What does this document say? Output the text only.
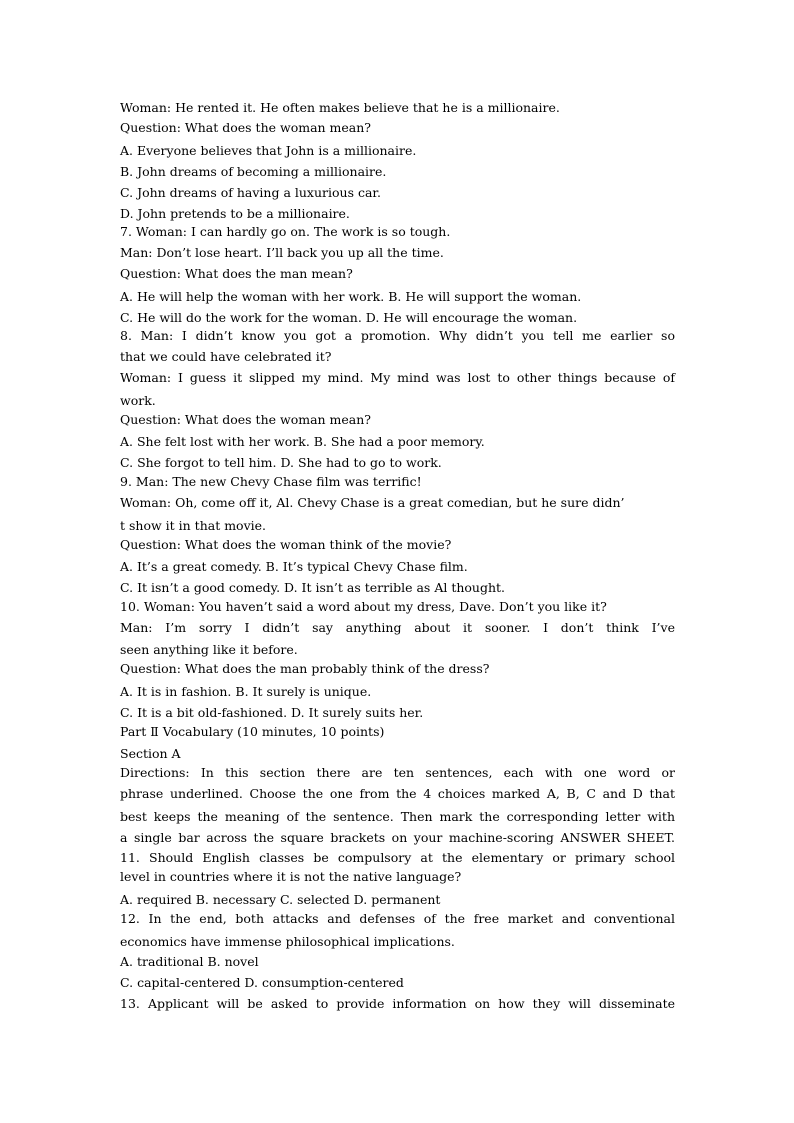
Woman: He rented it. He often makes believe that he is a millionaire.
Question: What does the woman mean?
A. Everyone believes that John is a millionaire.
B. John dreams of becoming a millionaire.
C. John dreams of having a luxurious car.
D. John pretends to be a millionaire.
7. Woman: I can hardly go on. The work is so tough.
Man: Don’t lose heart. I’ll back you up all the time.
Question: What does the man mean?
A. He will help the woman with her work. B. He will support the woman.
C. He will do the work for the woman. D. He will encourage the woman.
8. Man: I didn’t know you got a promotion. Why didn’t you tell me earlier so
that we could have celebrated it?
Woman: I guess it slipped my mind. My mind was lost to other things because of
work.
Question: What does the woman mean?
A. She felt lost with her work. B. She had a poor memory.
C. She forgot to tell him. D. She had to go to work.
9. Man: The new Chevy Chase film was terrific!
Woman: Oh, come off it, Al. Chevy Chase is a great comedian, but he sure didn’
t show it in that movie.
Question: What does the woman think of the movie?
A. It’s a great comedy. B. It’s typical Chevy Chase film.
C. It isn’t a good comedy. D. It isn’t as terrible as Al thought.
10. Woman: You haven’t said a word about my dress, Dave. Don’t you like it?
Man: I’m sorry I didn’t say anything about it sooner. I don’t think I’ve
seen anything like it before.
Question: What does the man probably think of the dress?
A. It is in fashion. B. It surely is unique.
C. It is a bit old-fashioned. D. It surely suits her.
Part Ⅱ Vocabulary (10 minutes, 10 points)
Section A
Directions: In this section there are ten sentences, each with one word or
phrase underlined. Choose the one from the 4 choices marked A, B, C and D that
best keeps the meaning of the sentence. Then mark the corresponding letter with
a single bar across the square brackets on your machine-scoring ANSWER SHEET.
11. Should English classes be compulsory at the elementary or primary school
level in countries where it is not the native language?
A. required B. necessary C. selected D. permanent
12. In the end, both attacks and defenses of the free market and conventional
economics have immense philosophical implications.
A. traditional B. novel
C. capital-centered D. consumption-centered
13. Applicant will be asked to provide information on how they will disseminate
